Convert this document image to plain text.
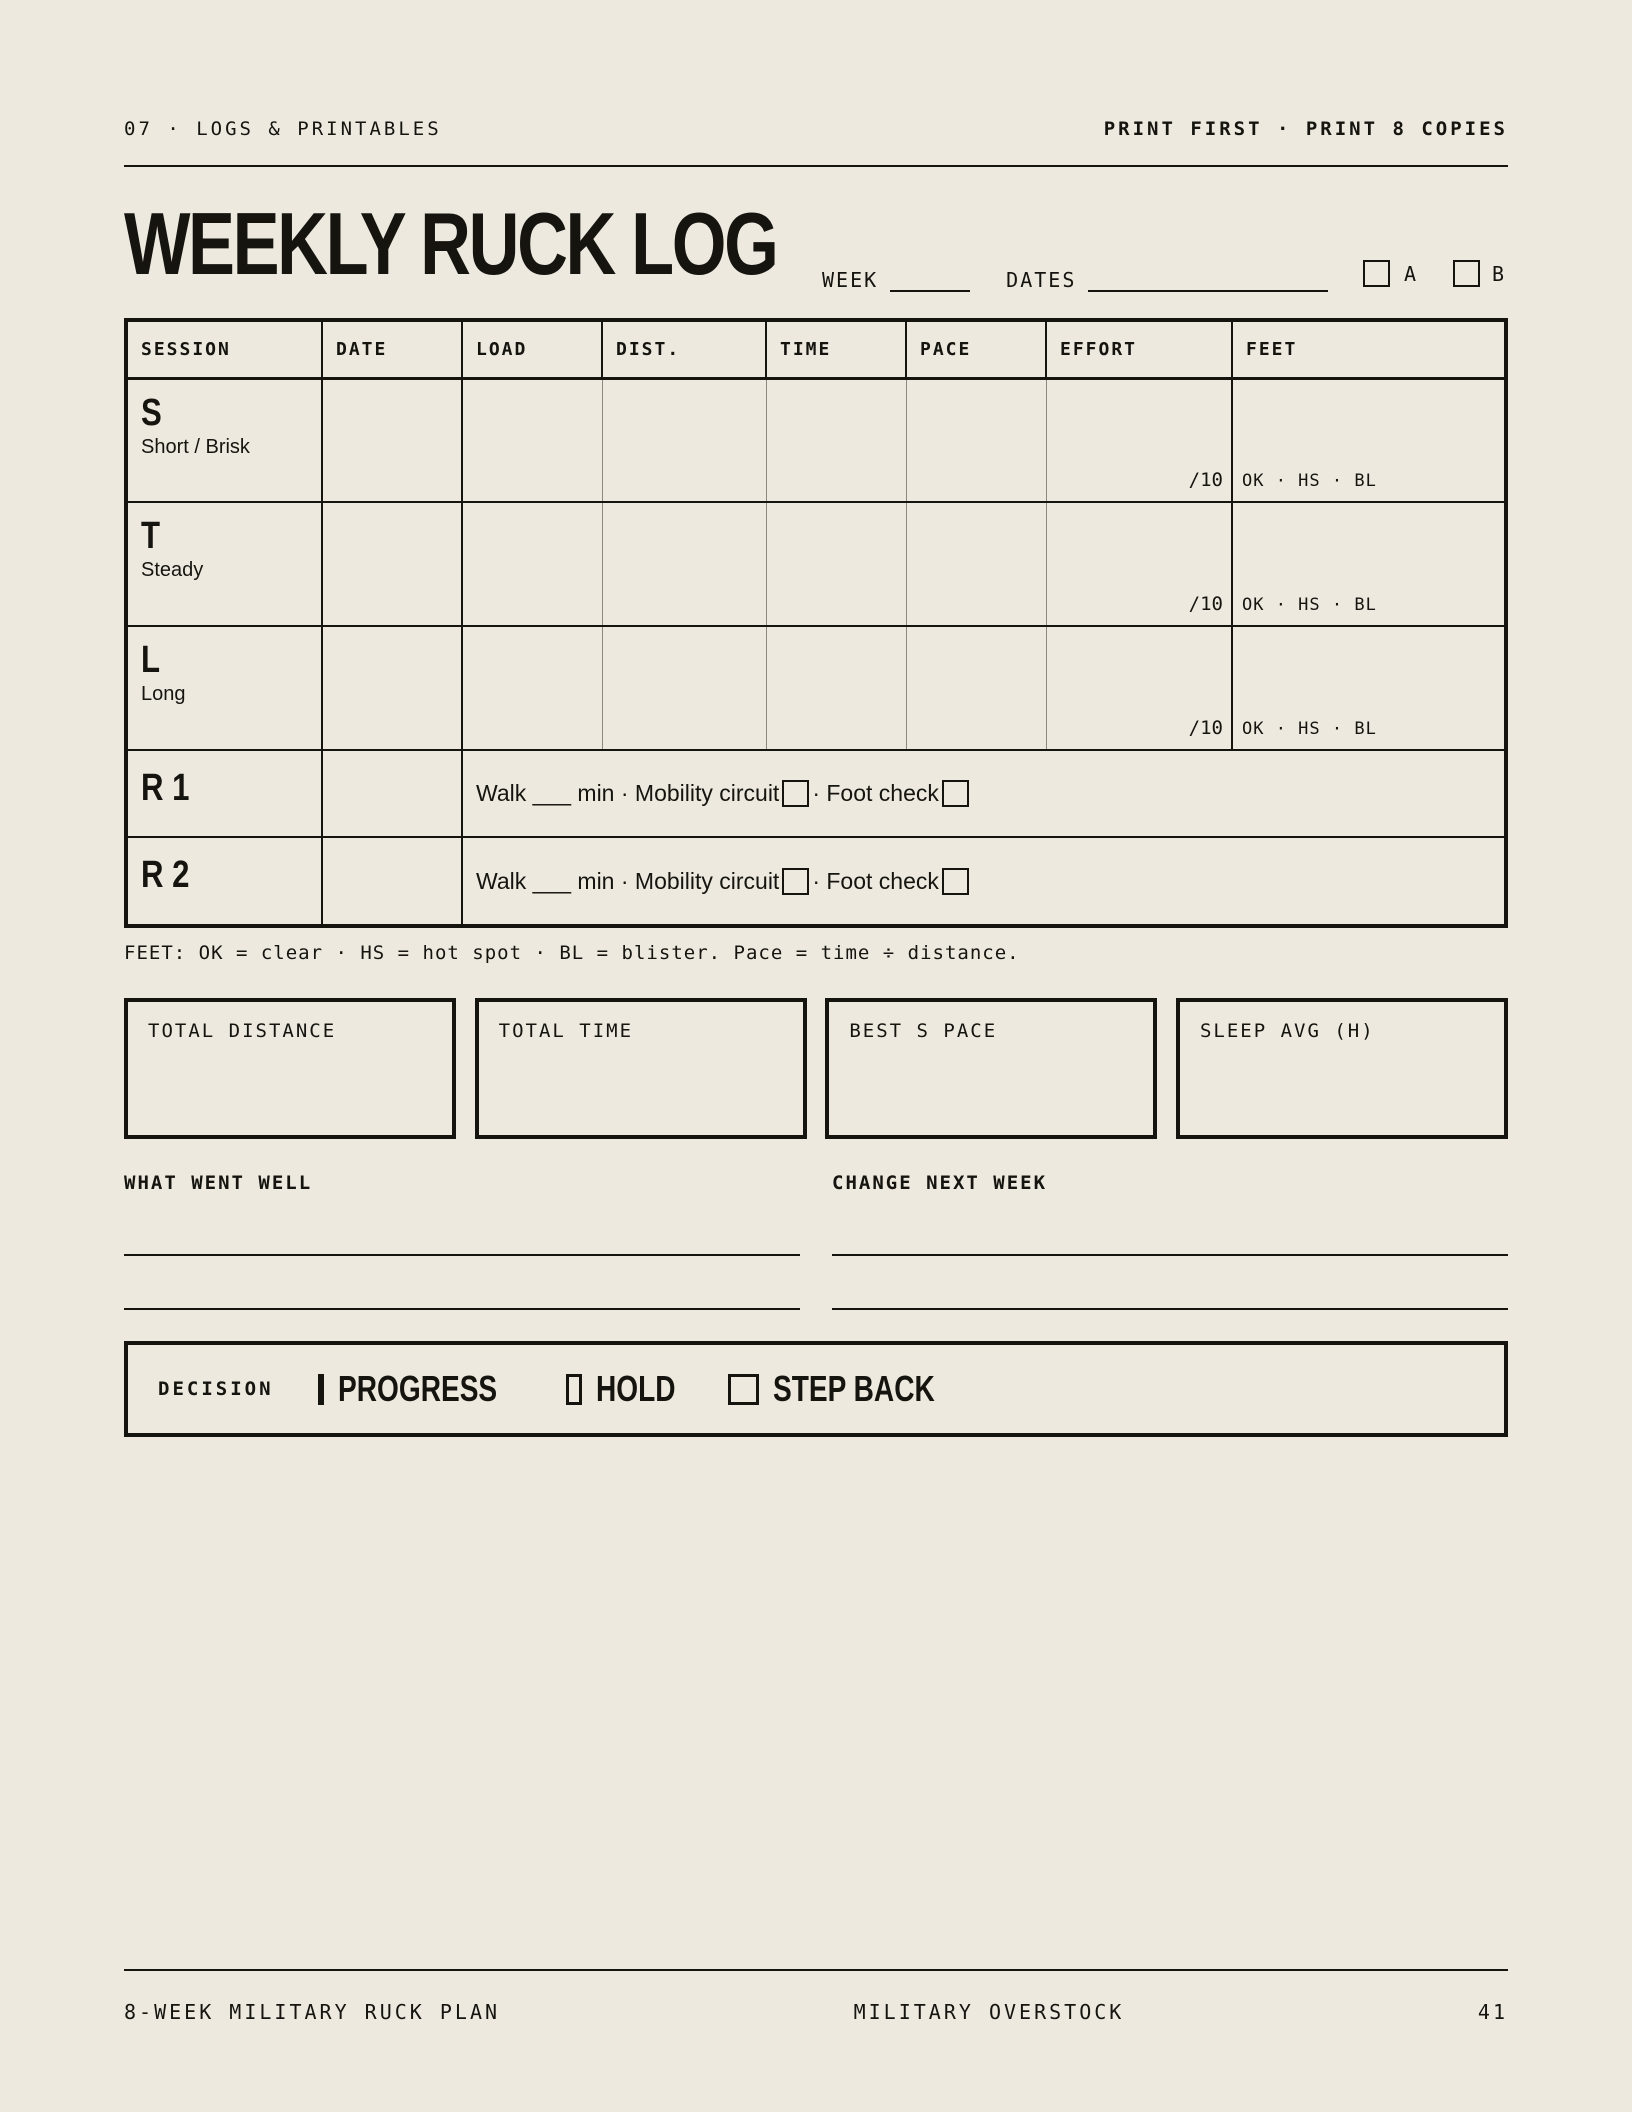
07 · LOGS & PRINTABLES	PRINT FIRST · PRINT 8 COPIES
WEEKLY RUCK LOG WEEK	DATES	A	B
SESSION	DATE	LOAD	DIST.	TIME	PACE	EFFORT	FEET

S
Short / Brisk						/10	OK · HS · BL

T
Steady						/10	OK · HS · BL

L
Long						/10	OK · HS · BL

R 1		Walk ___ min · Mobility circuit · Foot check					

R 2		Walk ___ min · Mobility circuit · Foot check					
FEET: OK = clear · HS = hot spot · BL = blister. Pace = time ÷ distance.
TOTAL DISTANCE	TOTAL TIME	BEST S PACE	SLEEP AVG (H)
WHAT WENT WELL	CHANGE NEXT WEEK
DECISION PROGRESS	HOLD	STEP BACK
8-WEEK MILITARY RUCK PLAN	MILITARY OVERSTOCK	41
